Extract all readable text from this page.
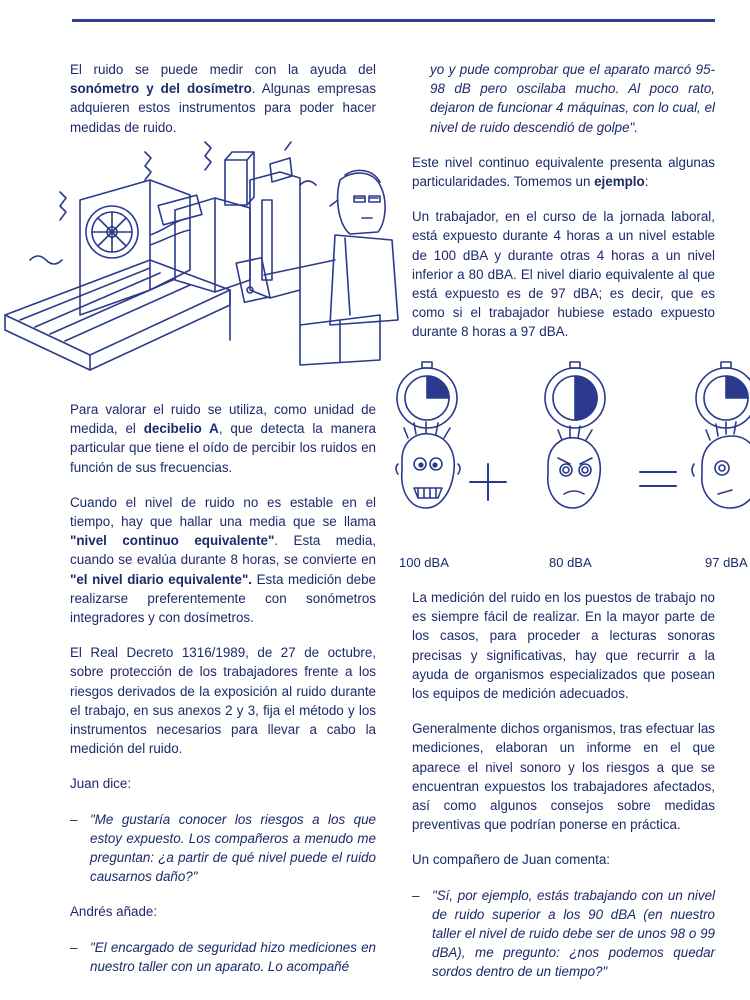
El ruido se puede medir con la ayuda del sonómetro y del dosímetro. Algunas empresas adquieren estos instrumentos para poder hacer medidas de ruido.

Para valorar el ruido se utiliza, como unidad de medida, el decibelio A, que detecta la manera particular que tiene el oído de percibir los ruidos en función de sus frecuencias.

Cuando el nivel de ruido no es estable en el tiempo, hay que hallar una media que se llama "nivel continuo equivalente". Esta media, cuando se evalúa durante 8 horas, se convierte en "el nivel diario equivalente". Esta medición debe realizarse preferentemente con sonómetros integradores y con dosímetros.

El Real Decreto 1316/1989, de 27 de octubre, sobre protección de los trabajadores frente a los riesgos derivados de la exposición al ruido durante el trabajo, en sus anexos 2 y 3, fija el método y los instrumentos necesarios para llevar a cabo la medición del ruido.

Juan dice:

– "Me gustaría conocer los riesgos a los que estoy expuesto. Los compañeros a menudo me preguntan: ¿a partir de qué nivel puede el ruido causarnos daño?"

Andrés añade:

– "El encargado de seguridad hizo mediciones en nuestro taller con un aparato. Lo acompañé

yo y pude comprobar que el aparato marcó 95-98 dB pero oscilaba mucho. Al poco rato, dejaron de funcionar 4 máquinas, con lo cual, el nivel de ruido descendió de golpe".

Este nivel continuo equivalente presenta algunas particularidades. Tomemos un ejemplo:

Un trabajador, en el curso de la jornada laboral, está expuesto durante 4 horas a un nivel estable de 100 dBA y durante otras 4 horas a un nivel inferior a 80 dBA. El nivel diario equivalente al que está expuesto es de 97 dBA; es decir, que es como si el trabajador hubiese estado expuesto durante 8 horas a 97 dBA.

100 dBA	80 dBA	97 dBA

La medición del ruido en los puestos de trabajo no es siempre fácil de realizar. En la mayor parte de los casos, para proceder a lecturas sonoras precisas y significativas, hay que recurrir a la ayuda de organismos especializados que posean los equipos de medición adecuados.

Generalmente dichos organismos, tras efectuar las mediciones, elaboran un informe en el que aparece el nivel sonoro y los riesgos a que se encuentran expuestos los trabajadores afectados, así como algunos consejos sobre medidas preventivas que podrían ponerse en práctica.

Un compañero de Juan comenta:

– "Sí, por ejemplo, estás trabajando con un nivel de ruido superior a los 90 dBA (en nuestro taller el nivel de ruido debe ser de unos 98 o 99 dBA), me pregunto: ¿nos podemos quedar sordos dentro de un tiempo?"
